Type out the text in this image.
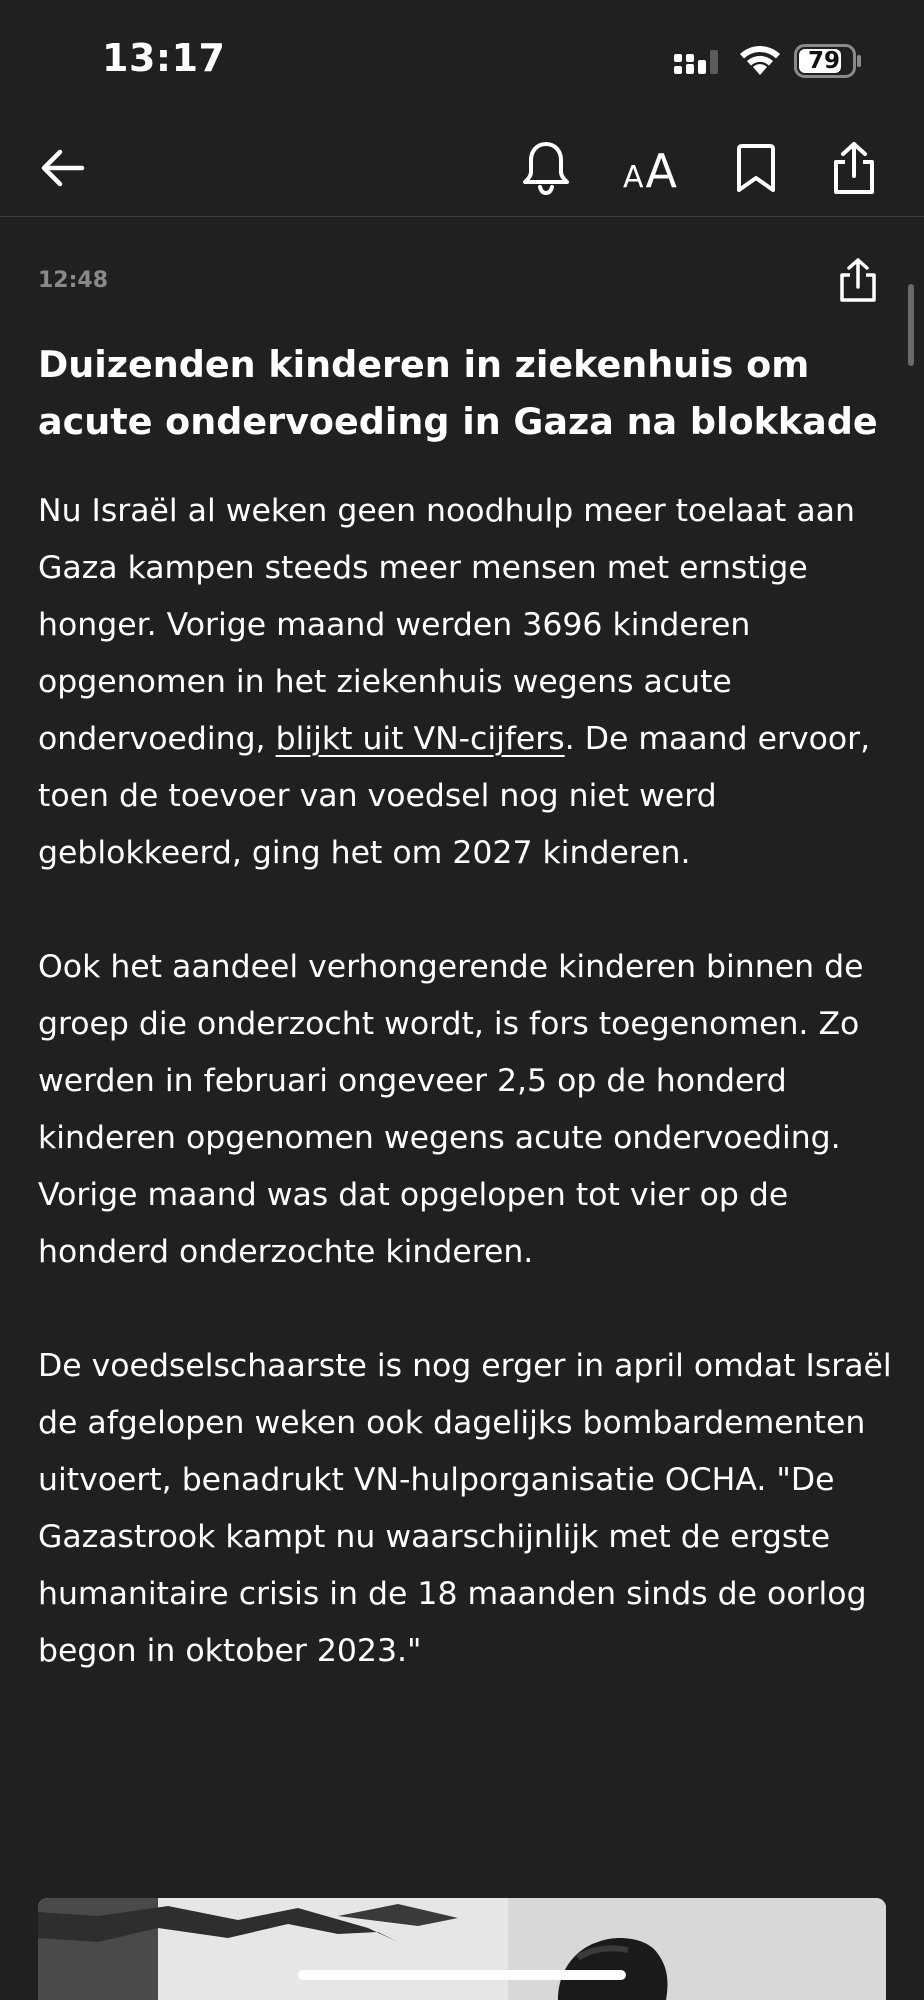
13:17	79
A A
12:48
Duizenden kinderen in ziekenhuis om acute ondervoeding in Gaza na blokkade

Nu Israël al weken geen noodhulp meer toelaat aan Gaza kampen steeds meer mensen met ernstige honger. Vorige maand werden 3696 kinderen opgenomen in het ziekenhuis wegens acute ondervoeding, blijkt uit VN-cijfers. De maand ervoor, toen de toevoer van voedsel nog niet werd geblokkeerd, ging het om 2027 kinderen.

Ook het aandeel verhongerende kinderen binnen de groep die onderzocht wordt, is fors toegenomen. Zo werden in februari ongeveer 2,5 op de honderd kinderen opgenomen wegens acute ondervoeding. Vorige maand was dat opgelopen tot vier op de honderd onderzochte kinderen.

De voedselschaarste is nog erger in april omdat Israël de afgelopen weken ook dagelijks bombardementen uitvoert, benadrukt VN-hulporganisatie OCHA. "De Gazastrook kampt nu waarschijnlijk met de ergste humanitaire crisis in de 18 maanden sinds de oorlog begon in oktober 2023."
